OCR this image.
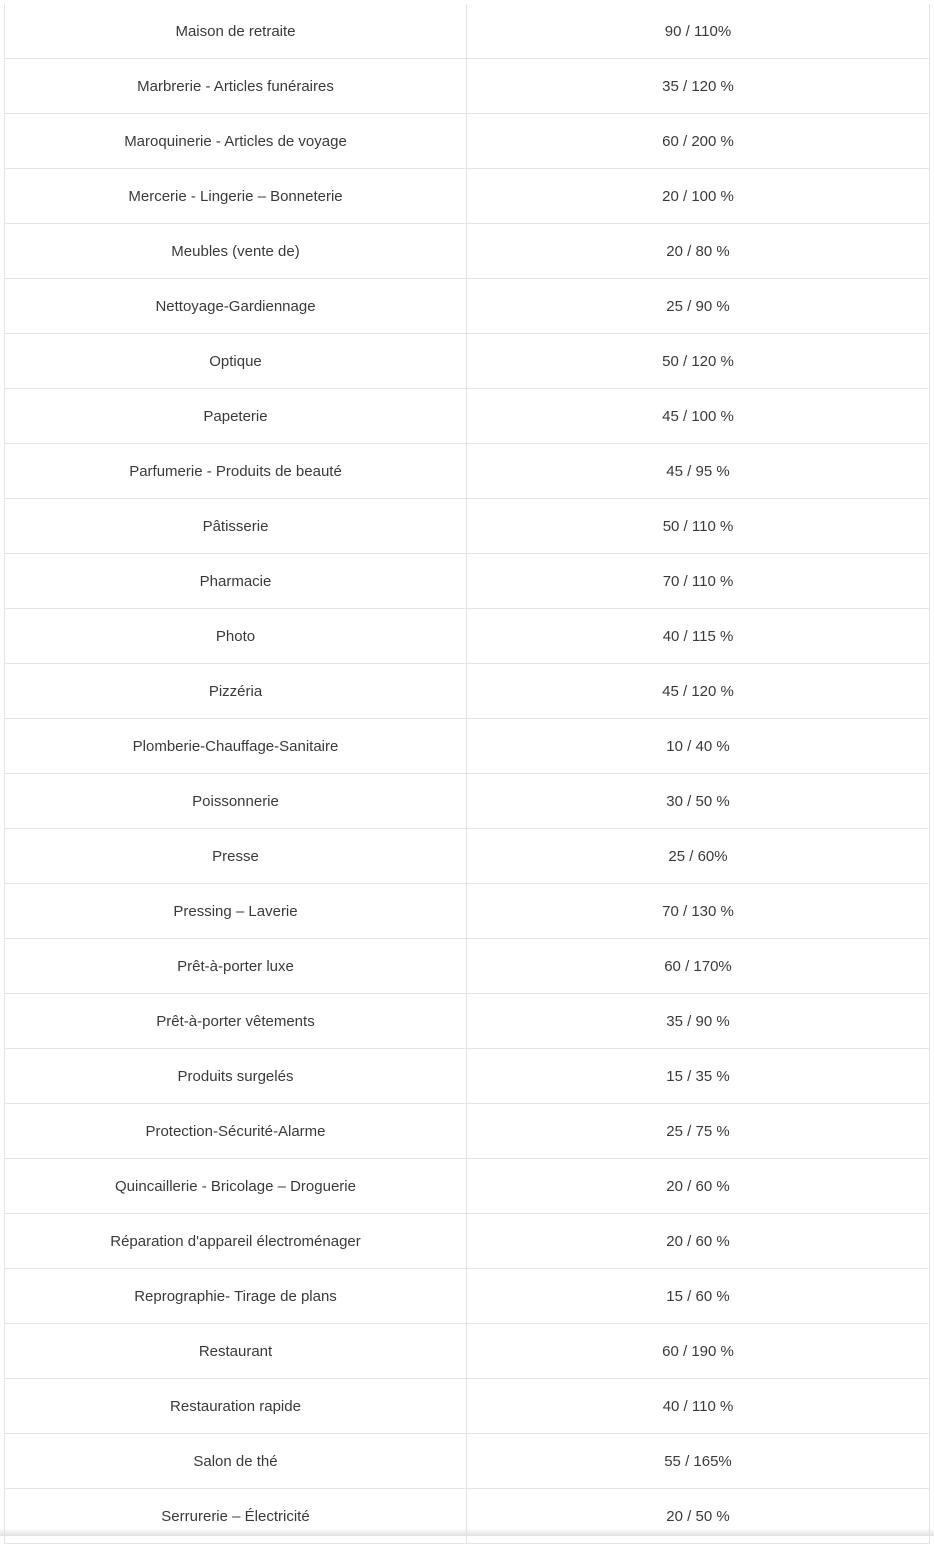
Maison de retraite	90 / 110%
Marbrerie - Articles funéraires	35 / 120 %
Maroquinerie - Articles de voyage	60 / 200 %
Mercerie - Lingerie – Bonneterie	20 / 100 %
Meubles (vente de)	20 / 80 %
Nettoyage-Gardiennage	25 / 90 %
Optique	50 / 120 %
Papeterie	45 / 100 %
Parfumerie - Produits de beauté	45 / 95 %
Pâtisserie	50 / 110 %
Pharmacie	70 / 110 %
Photo	40 / 115 %
Pizzéria	45 / 120 %
Plomberie-Chauffage-Sanitaire	10 / 40 %
Poissonnerie	30 / 50 %
Presse	25 / 60%
Pressing – Laverie	70 / 130 %
Prêt-à-porter luxe	60 / 170%
Prêt-à-porter vêtements	35 / 90 %
Produits surgelés	15 / 35 %
Protection-Sécurité-Alarme	25 / 75 %
Quincaillerie - Bricolage – Droguerie	20 / 60 %
Réparation d'appareil électroménager	20 / 60 %
Reprographie- Tirage de plans	15 / 60 %
Restaurant	60 / 190 %
Restauration rapide	40 / 110 %
Salon de thé	55 / 165%
Serrurerie – Électricité	20 / 50 %
